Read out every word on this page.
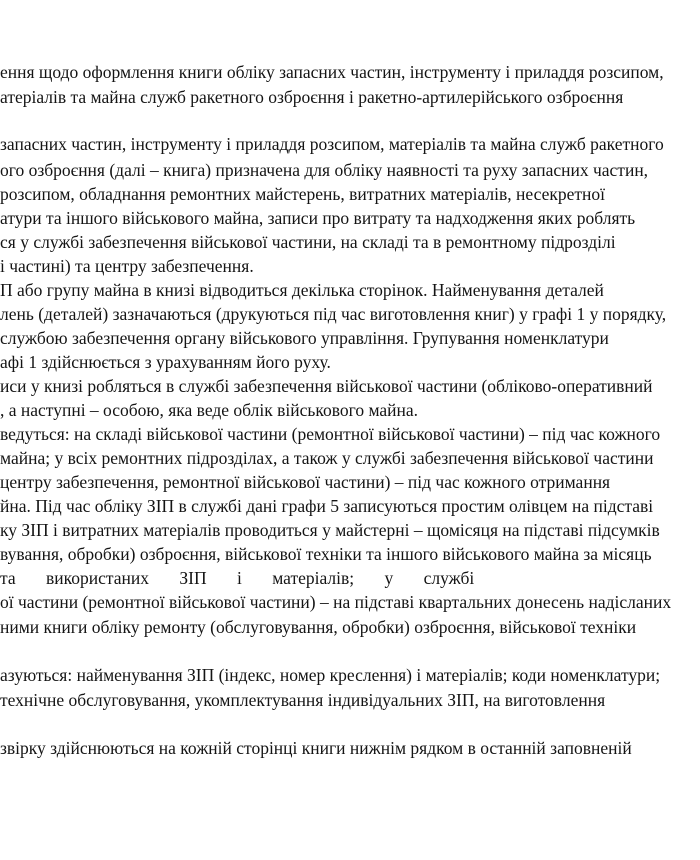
ення щодо оформлення книги обліку запасних частин, інструменту і приладдя розсипом,
атеріалів та майна служб ракетного озброєння і ракетно-артилерійського озброєння
запасних частин, інструменту і приладдя розсипом, матеріалів та майна служб ракетного
ого озброєння (далі – книга) призначена для обліку наявності та руху запасних частин,
розсипом, обладнання ремонтних майстерень, витратних матеріалів, несекретної
атури та іншого військового майна, записи про витрату та надходження яких роблять
ся у службі забезпечення військової частини, на складі та в ремонтному підрозділі
і частині) та центру забезпечення.
П або групу майна в книзі відводиться декілька сторінок. Найменування деталей
лень (деталей) зазначаються (друкуються під час виготовлення книг) у графі 1 у порядку,
службою забезпечення органу військового управління. Групування номенклатури
афі 1 здійснюється з урахуванням його руху.
иси у книзі робляться в службі забезпечення військової частини (обліково-оперативний
, а наступні – особою, яка веде облік військового майна.
ведуться: на складі військової частини (ремонтної військової частини) – під час кожного
майна; у всіх ремонтних підрозділах, а також у службі забезпечення військової частини
центру забезпечення, ремонтної військової частини) – під час кожного отримання
йна. Під час обліку ЗІП в службі дані графи 5 записуються простим олівцем на підставі
ку ЗІП і витратних матеріалів проводиться у майстерні – щомісяця на підставі підсумків
вування, обробки) озброєння, військової техніки та іншого військового майна за місяць
та використаних ЗІП і матеріалів; у службі
ої частини (ремонтної військової частини) – на підставі квартальних донесень надісланих
ними книги обліку ремонту (обслуговування, обробки) озброєння, військової техніки
азуються: найменування ЗІП (індекс, номер креслення) і матеріалів; коди номенклатури;
технічне обслуговування, укомплектування індивідуальних ЗІП, на виготовлення
звірку здійснюються на кожній сторінці книги нижнім рядком в останній заповненій
